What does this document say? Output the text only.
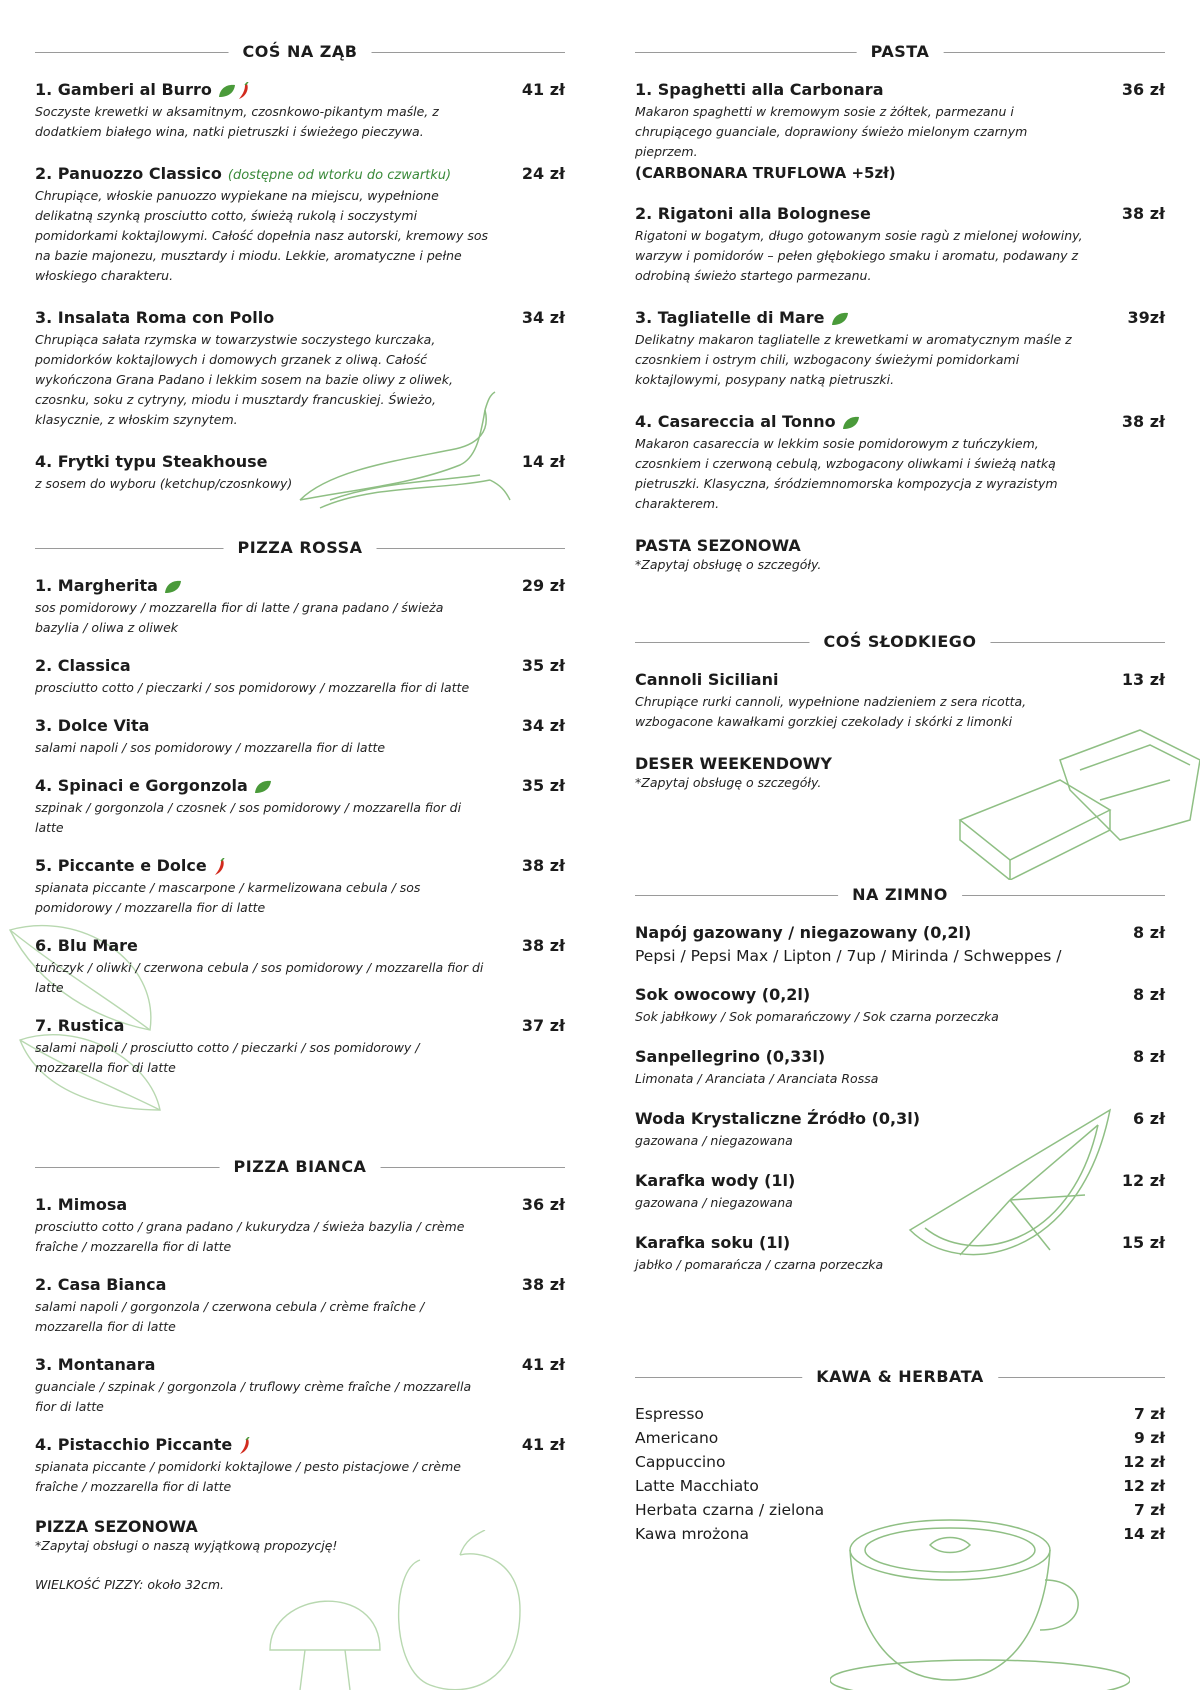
COŚ NA ZĄB
1. Gamberi al Burro	41 zł
Soczyste krewetki w aksamitnym, czosnkowo-pikantym maśle, z dodatkiem białego wina, natki pietruszki i świeżego pieczywa.
2. Panuozzo Classico (dostępne od wtorku do czwartku)	24 zł
Chrupiące, włoskie panuozzo wypiekane na miejscu, wypełnione delikatną szynką prosciutto cotto, świeżą rukolą i soczystymi pomidorkami koktajlowymi. Całość dopełnia nasz autorski, kremowy sos na bazie majonezu, musztardy i miodu. Lekkie, aromatyczne i pełne włoskiego charakteru.
3. Insalata Roma con Pollo	34 zł
Chrupiąca sałata rzymska w towarzystwie soczystego kurczaka, pomidorków koktajlowych i domowych grzanek z oliwą. Całość wykończona Grana Padano i lekkim sosem na bazie oliwy z oliwek, czosnku, soku z cytryny, miodu i musztardy francuskiej. Świeżo, klasycznie, z włoskim szynytem.
4. Frytki typu Steakhouse	14 zł
z sosem do wyboru (ketchup/czosnkowy)
PIZZA ROSSA
1. Margherita	29 zł
sos pomidorowy / mozzarella fior di latte / grana padano / świeża bazylia / oliwa z oliwek
2. Classica	35 zł
prosciutto cotto / pieczarki / sos pomidorowy / mozzarella fior di latte
3. Dolce Vita	34 zł
salami napoli / sos pomidorowy / mozzarella fior di latte
4. Spinaci e Gorgonzola	35 zł
szpinak / gorgonzola / czosnek / sos pomidorowy / mozzarella fior di latte
5. Piccante e Dolce	38 zł
spianata piccante / mascarpone / karmelizowana cebula / sos pomidorowy / mozzarella fior di latte
6. Blu Mare	38 zł
tuńczyk / oliwki / czerwona cebula / sos pomidorowy / mozzarella fior di latte
7. Rustica	37 zł
salami napoli / prosciutto cotto / pieczarki / sos pomidorowy / mozzarella fior di latte
PIZZA BIANCA
1. Mimosa	36 zł
prosciutto cotto / grana padano / kukurydza / świeża bazylia / crème fraîche / mozzarella fior di latte
2. Casa Bianca	38 zł
salami napoli / gorgonzola / czerwona cebula / crème fraîche / mozzarella fior di latte
3. Montanara	41 zł
guanciale / szpinak / gorgonzola / truflowy crème fraîche / mozzarella fior di latte
4. Pistacchio Piccante	41 zł
spianata piccante / pomidorki koktajlowe / pesto pistacjowe / crème fraîche / mozzarella fior di latte
PIZZA SEZONOWA
*Zapytaj obsługi o naszą wyjątkową propozycję!
WIELKOŚĆ PIZZY: około 32cm.
PASTA
1. Spaghetti alla Carbonara	36 zł
Makaron spaghetti w kremowym sosie z żółtek, parmezanu i chrupiącego guanciale, doprawiony świeżo mielonym czarnym pieprzem.
(CARBONARA TRUFLOWA +5zł)
2. Rigatoni alla Bolognese	38 zł
Rigatoni w bogatym, długo gotowanym sosie ragù z mielonej wołowiny, warzyw i pomidorów – pełen głębokiego smaku i aromatu, podawany z odrobiną świeżo startego parmezanu.
3. Tagliatelle di Mare	39zł
Delikatny makaron tagliatelle z krewetkami w aromatycznym maśle z czosnkiem i ostrym chili, wzbogacony świeżymi pomidorkami koktajlowymi, posypany natką pietruszki.
4. Casareccia al Tonno	38 zł
Makaron casareccia w lekkim sosie pomidorowym z tuńczykiem, czosnkiem i czerwoną cebulą, wzbogacony oliwkami i świeżą natką pietruszki. Klasyczna, śródziemnomorska kompozycja z wyrazistym charakterem.
PASTA SEZONOWA
*Zapytaj obsługę o szczegóły.
COŚ SŁODKIEGO
Cannoli Siciliani	13 zł
Chrupiące rurki cannoli, wypełnione nadzieniem z sera ricotta, wzbogacone kawałkami gorzkiej czekolady i skórki z limonki
DESER WEEKENDOWY
*Zapytaj obsługę o szczegóły.
NA ZIMNO
Napój gazowany / niegazowany (0,2l)	8 zł
Pepsi / Pepsi Max / Lipton / 7up / Mirinda / Schweppes /
Sok owocowy (0,2l)	8 zł
Sok jabłkowy / Sok pomarańczowy / Sok czarna porzeczka
Sanpellegrino (0,33l)	8 zł
Limonata / Aranciata / Aranciata Rossa
Woda Krystaliczne Źródło (0,3l)	6 zł
gazowana / niegazowana
Karafka wody (1l)	12 zł
gazowana / niegazowana
Karafka soku (1l)	15 zł
jabłko / pomarańcza / czarna porzeczka
KAWA & HERBATA
Espresso	7 zł
Americano	9 zł
Cappuccino	12 zł
Latte Macchiato	12 zł
Herbata czarna / zielona	7 zł
Kawa mrożona	14 zł
